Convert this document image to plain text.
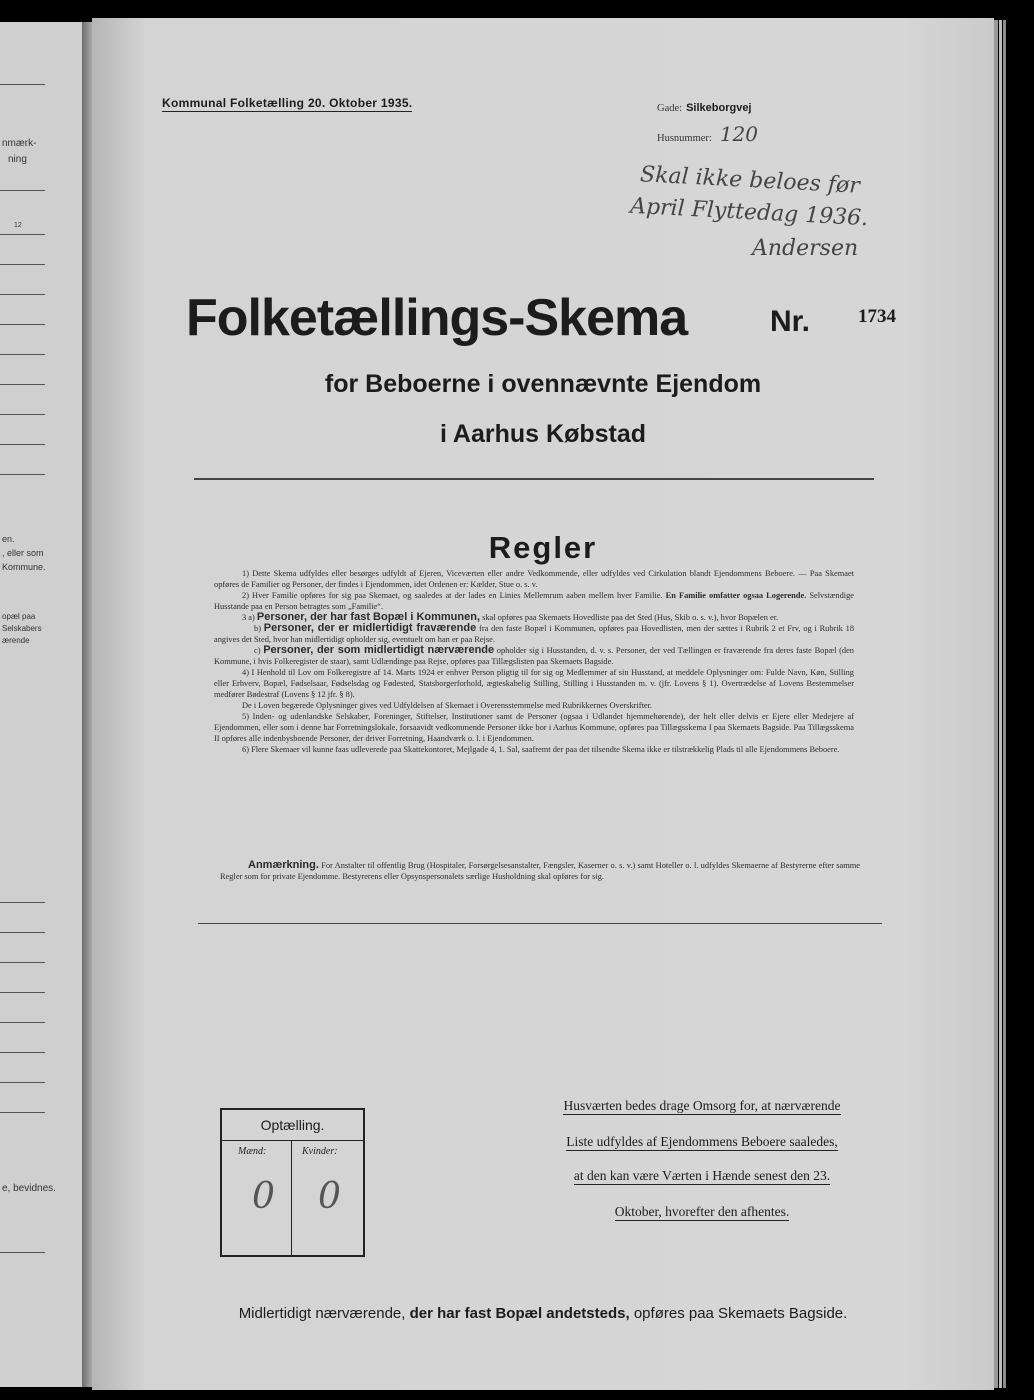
nmærk-
ning
12
en.
, eller som
Kommune.
opæl paa
Selskabers
ærende
e, bevidnes.
Kommunal Folketælling 20. Oktober 1935.	Gade: Silkeborgvej
Husnummer: 120
Skal ikke beloes før
April Flyttedag 1936.
Andersen
Folketællings-Skema	Nr.	1734
for Beboerne i ovennævnte Ejendom
i Aarhus Købstad
Regler

1) Dette Skema udfyldes eller besørges udfyldt af Ejeren, Viceværten eller andre Vedkommende, eller udfyldes ved Cirkulation blandt Ejendommens Beboere. — Paa Skemaet opføres de Familier og Personer, der findes i Ejendommen, idet Ordenen er: Kælder, Stue o. s. v.

2) Hver Familie opføres for sig paa Skemaet, og saaledes at der lades en Linies Mellemrum aaben mellem hver Familie. En Familie omfatter ogsaa Logerende. Selvstændige Husstande paa en Person betragtes som „Familie“.

3 a) Personer, der har fast Bopæl i Kommunen, skal opføres paa Skemaets Hovedliste paa det Sted (Hus, Skib o. s. v.), hvor Bopælen er.

b) Personer, der er midlertidigt fraværende fra den faste Bopæl i Kommunen, opføres paa Hovedlisten, men der sættes i Rubrik 2 et Frv, og i Rubrik 18 angives det Sted, hvor han midlertidigt opholder sig, eventuelt om han er paa Rejse.

c) Personer, der som midlertidigt nærværende opholder sig i Husstanden, d. v. s. Personer, der ved Tællingen er fraværende fra deres faste Bopæl (den Kommune, i hvis Folkeregister de staar), samt Udlændinge paa Rejse, opføres paa Tillægslisten paa Skemaets Bagside.

4) I Henhold til Lov om Folkeregistre af 14. Marts 1924 er enhver Person pligtig til for sig og Medlemmer af sin Husstand, at meddele Oplysninger om: Fulde Navn, Køn, Stilling eller Erhverv, Bopæl, Fødselsaar, Fødselsdag og Fødested, Statsborgerforhold, ægteskabelig Stilling, Stilling i Husstanden m. v. (jfr. Lovens § 1). Overtrædelse af Lovens Bestemmelser medfører Bødestraf (Lovens § 12 jfr. § 8).

De i Loven begærede Oplysninger gives ved Udfyldelsen af Skemaet i Overensstemmelse med Rubrikkernes Overskrifter.

5) Inden- og udenlandske Selskaber, Foreninger, Stiftelser, Institutioner samt de Personer (ogsaa i Udlandet hjemmehørende), der helt eller delvis er Ejere eller Medejere af Ejendommen, eller som i denne har Forretningslokale, forsaavidt vedkommende Personer ikke bor i Aarhus Kommune, opføres paa Tillægsskema I paa Skemaets Bagside. Paa Tillægsskema II opføres alle indenbysboende Personer, der driver Forretning, Haandværk o. l. i Ejendommen.

6) Flere Skemaer vil kunne faas udleverede paa Skattekontoret, Mejlgade 4, 1. Sal, saafremt der paa det tilsendte Skema ikke er tilstrækkelig Plads til alle Ejendommens Beboere.

Anmærkning. For Anstalter til offentlig Brug (Hospitaler, Forsørgelsesanstalter, Fængsler, Kaserner o. s. v.) samt Hoteller o. l. udfyldes Skemaerne af Bestyrerne efter samme Regler som for private Ejendomme. Bestyrerens eller Opsynspersonalets særlige Husholdning skal opføres for sig.
Optælling.
Mænd:	Kvinder:
0 0
Husværten bedes drage Omsorg for, at nærværende
Liste udfyldes af Ejendommens Beboere saaledes,
at den kan være Værten i Hænde senest den 23.
Oktober, hvorefter den afhentes.
Midlertidigt nærværende, der har fast Bopæl andetsteds, opføres paa Skemaets Bagside.
